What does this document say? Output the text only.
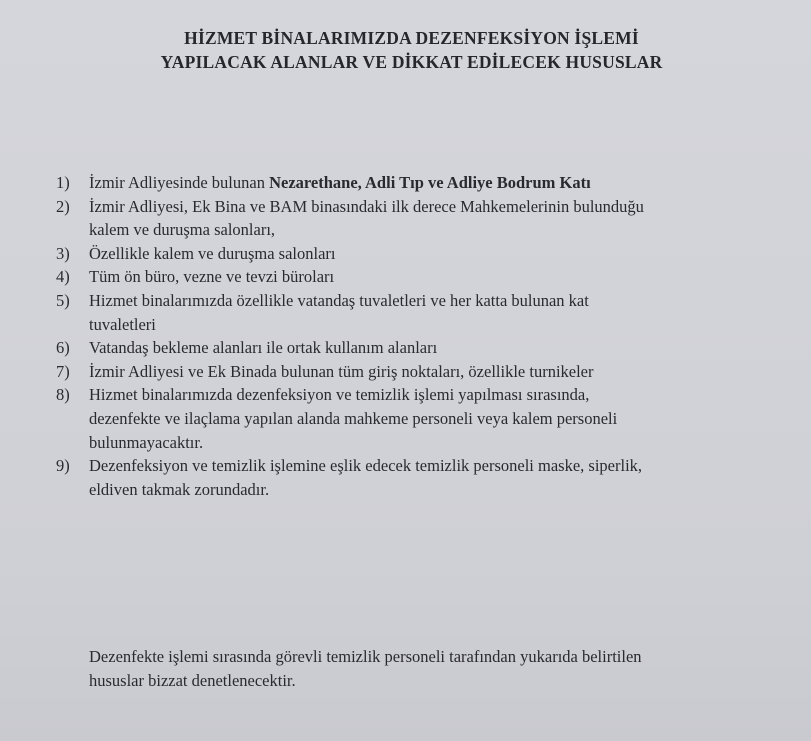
HİZMET BİNALARIMIZDA DEZENFEKSİYON İŞLEMİ
YAPILACAK ALANLAR VE DİKKAT EDİLECEK HUSUSLAR
1) İzmir Adliyesinde bulunan Nezarethane, Adli Tıp ve Adliye Bodrum Katı
2) İzmir Adliyesi, Ek Bina ve BAM binasındaki ilk derece Mahkemelerinin bulunduğu
kalem ve duruşma salonları,
3) Özellikle kalem ve duruşma salonları
4) Tüm ön büro, vezne ve tevzi büroları
5) Hizmet binalarımızda özellikle vatandaş tuvaletleri ve her katta bulunan kat
tuvaletleri
6) Vatandaş bekleme alanları ile ortak kullanım alanları
7) İzmir Adliyesi ve Ek Binada bulunan tüm giriş noktaları, özellikle turnikeler
8) Hizmet binalarımızda dezenfeksiyon ve temizlik işlemi yapılması sırasında,
dezenfekte ve ilaçlama yapılan alanda mahkeme personeli veya kalem personeli
bulunmayacaktır.
9) Dezenfeksiyon ve temizlik işlemine eşlik edecek temizlik personeli maske, siperlik,
eldiven takmak zorundadır.
Dezenfekte işlemi sırasında görevli temizlik personeli tarafından yukarıda belirtilen
hususlar bizzat denetlenecektir.
